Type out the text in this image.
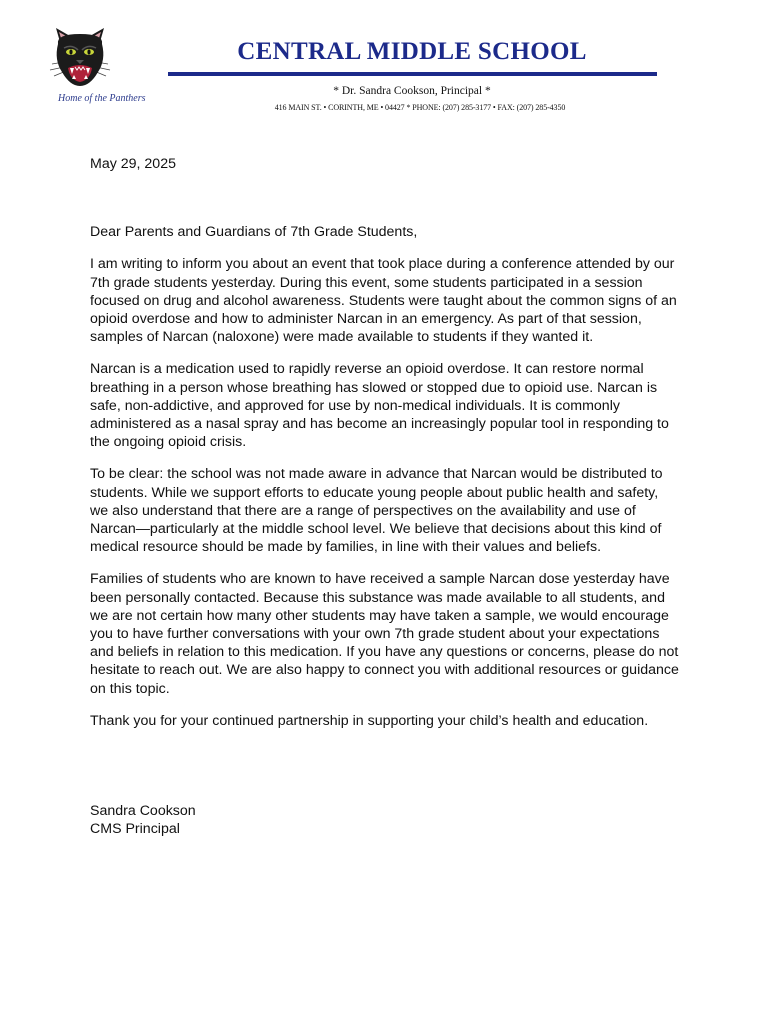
Home of the Panthers
CENTRAL MIDDLE SCHOOL
* Dr. Sandra Cookson, Principal *
416 MAIN ST. • CORINTH, ME • 04427 * PHONE: (207) 285-3177 • FAX: (207) 285-4350

May 29, 2025

Dear Parents and Guardians of 7th Grade Students,

I am writing to inform you about an event that took place during a conference attended by our 7th grade students yesterday. During this event, some students participated in a session focused on drug and alcohol awareness. Students were taught about the common signs of an opioid overdose and how to administer Narcan in an emergency. As part of that session, samples of Narcan (naloxone) were made available to students if they wanted it.

Narcan is a medication used to rapidly reverse an opioid overdose. It can restore normal breathing in a person whose breathing has slowed or stopped due to opioid use. Narcan is safe, non-addictive, and approved for use by non-medical individuals. It is commonly administered as a nasal spray and has become an increasingly popular tool in responding to the ongoing opioid crisis.

To be clear: the school was not made aware in advance that Narcan would be distributed to students. While we support efforts to educate young people about public health and safety, we also understand that there are a range of perspectives on the availability and use of Narcan—particularly at the middle school level. We believe that decisions about this kind of medical resource should be made by families, in line with their values and beliefs.

Families of students who are known to have received a sample Narcan dose yesterday have been personally contacted. Because this substance was made available to all students, and we are not certain how many other students may have taken a sample, we would encourage you to have further conversations with your own 7th grade student about your expectations and beliefs in relation to this medication. If you have any questions or concerns, please do not hesitate to reach out. We are also happy to connect you with additional resources or guidance on this topic.

Thank you for your continued partnership in supporting your child’s health and education.

Sandra Cookson
CMS Principal
